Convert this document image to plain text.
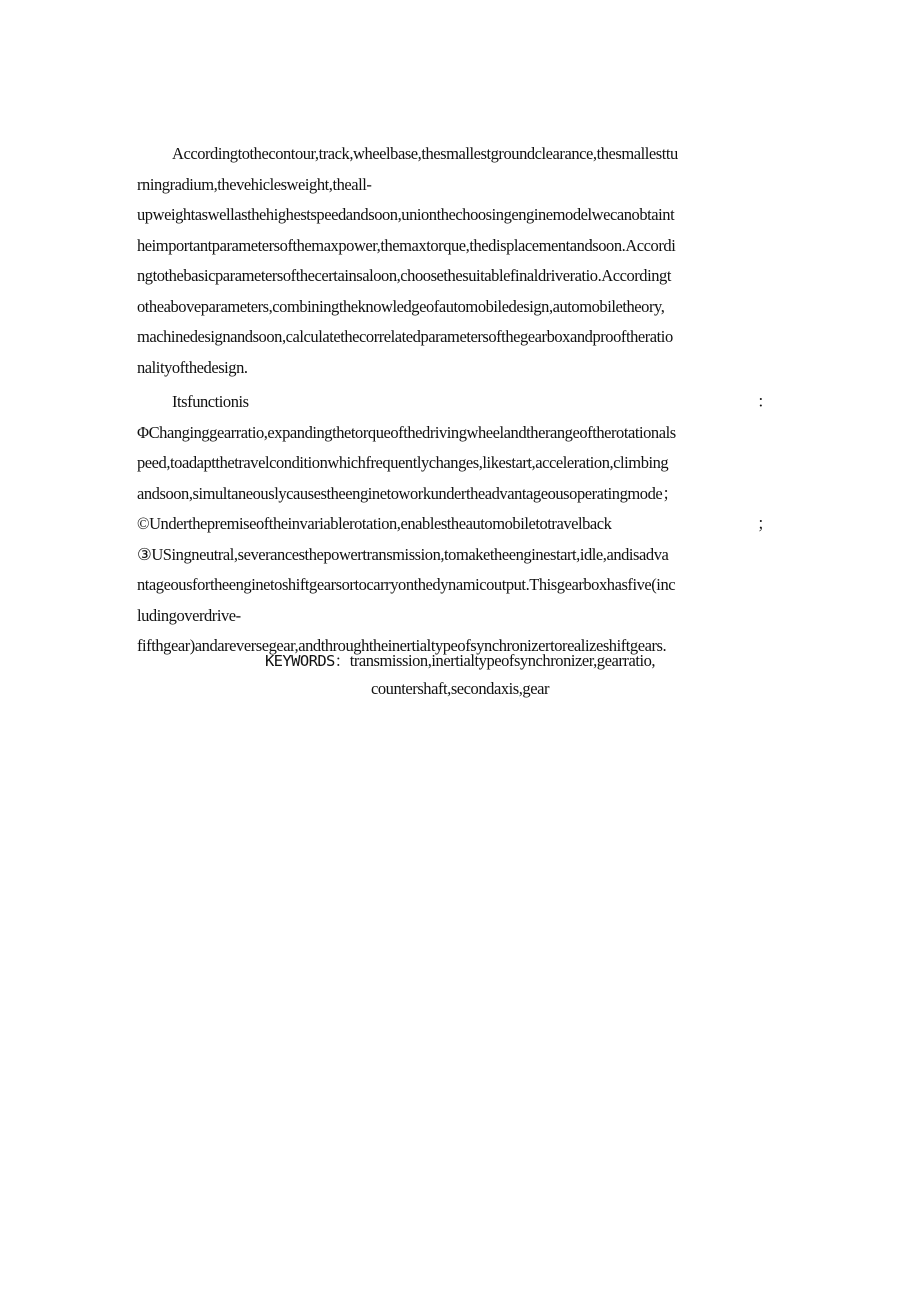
Accordingtothecontour,track,wheelbase,thesmallestgroundclearance,thesmallesttu
rningradium,thevehiclesweight,theall-
upweightaswellasthehighestspeedandsoon,unionthechoosingenginemodelwecanobtaint
heimportantparametersofthemaxpower,themaxtorque,thedisplacementandsoon.Accordi
ngtothebasicparametersofthecertainsaloon,choosethesuitablefinaldriveratio.Accordingt
otheaboveparameters,combiningtheknowledgeofautomobiledesign,automobiletheory,
machinedesignandsoon,calculatethecorrelatedparametersofthegearboxandprooftheratio
nalityofthedesign.
Itsfunctionis	：
ΦChanginggearratio,expandingthetorqueofthedrivingwheelandtherangeoftherotationals
peed,toadaptthetravelconditionwhichfrequentlychanges,likestart,acceleration,climbing
andsoon,simultaneouslycausestheenginetoworkundertheadvantageousoperatingmode；
©Underthepremiseoftheinvariablerotation,enablestheautomobiletotravelback	；
③USingneutral,severancesthepowertransmission,tomaketheenginestart,idle,andisadva
ntageousfortheenginetoshiftgearsortocarryonthedynamicoutput.Thisgearboxhasfive(inc
ludingoverdrive-
fifthgear)andareversegear,andthroughtheinertialtypeofsynchronizertorealizeshiftgears.
KEYWORDS：transmission,inertialtypeofsynchronizer,gearratio,
countershaft,secondaxis,gear
